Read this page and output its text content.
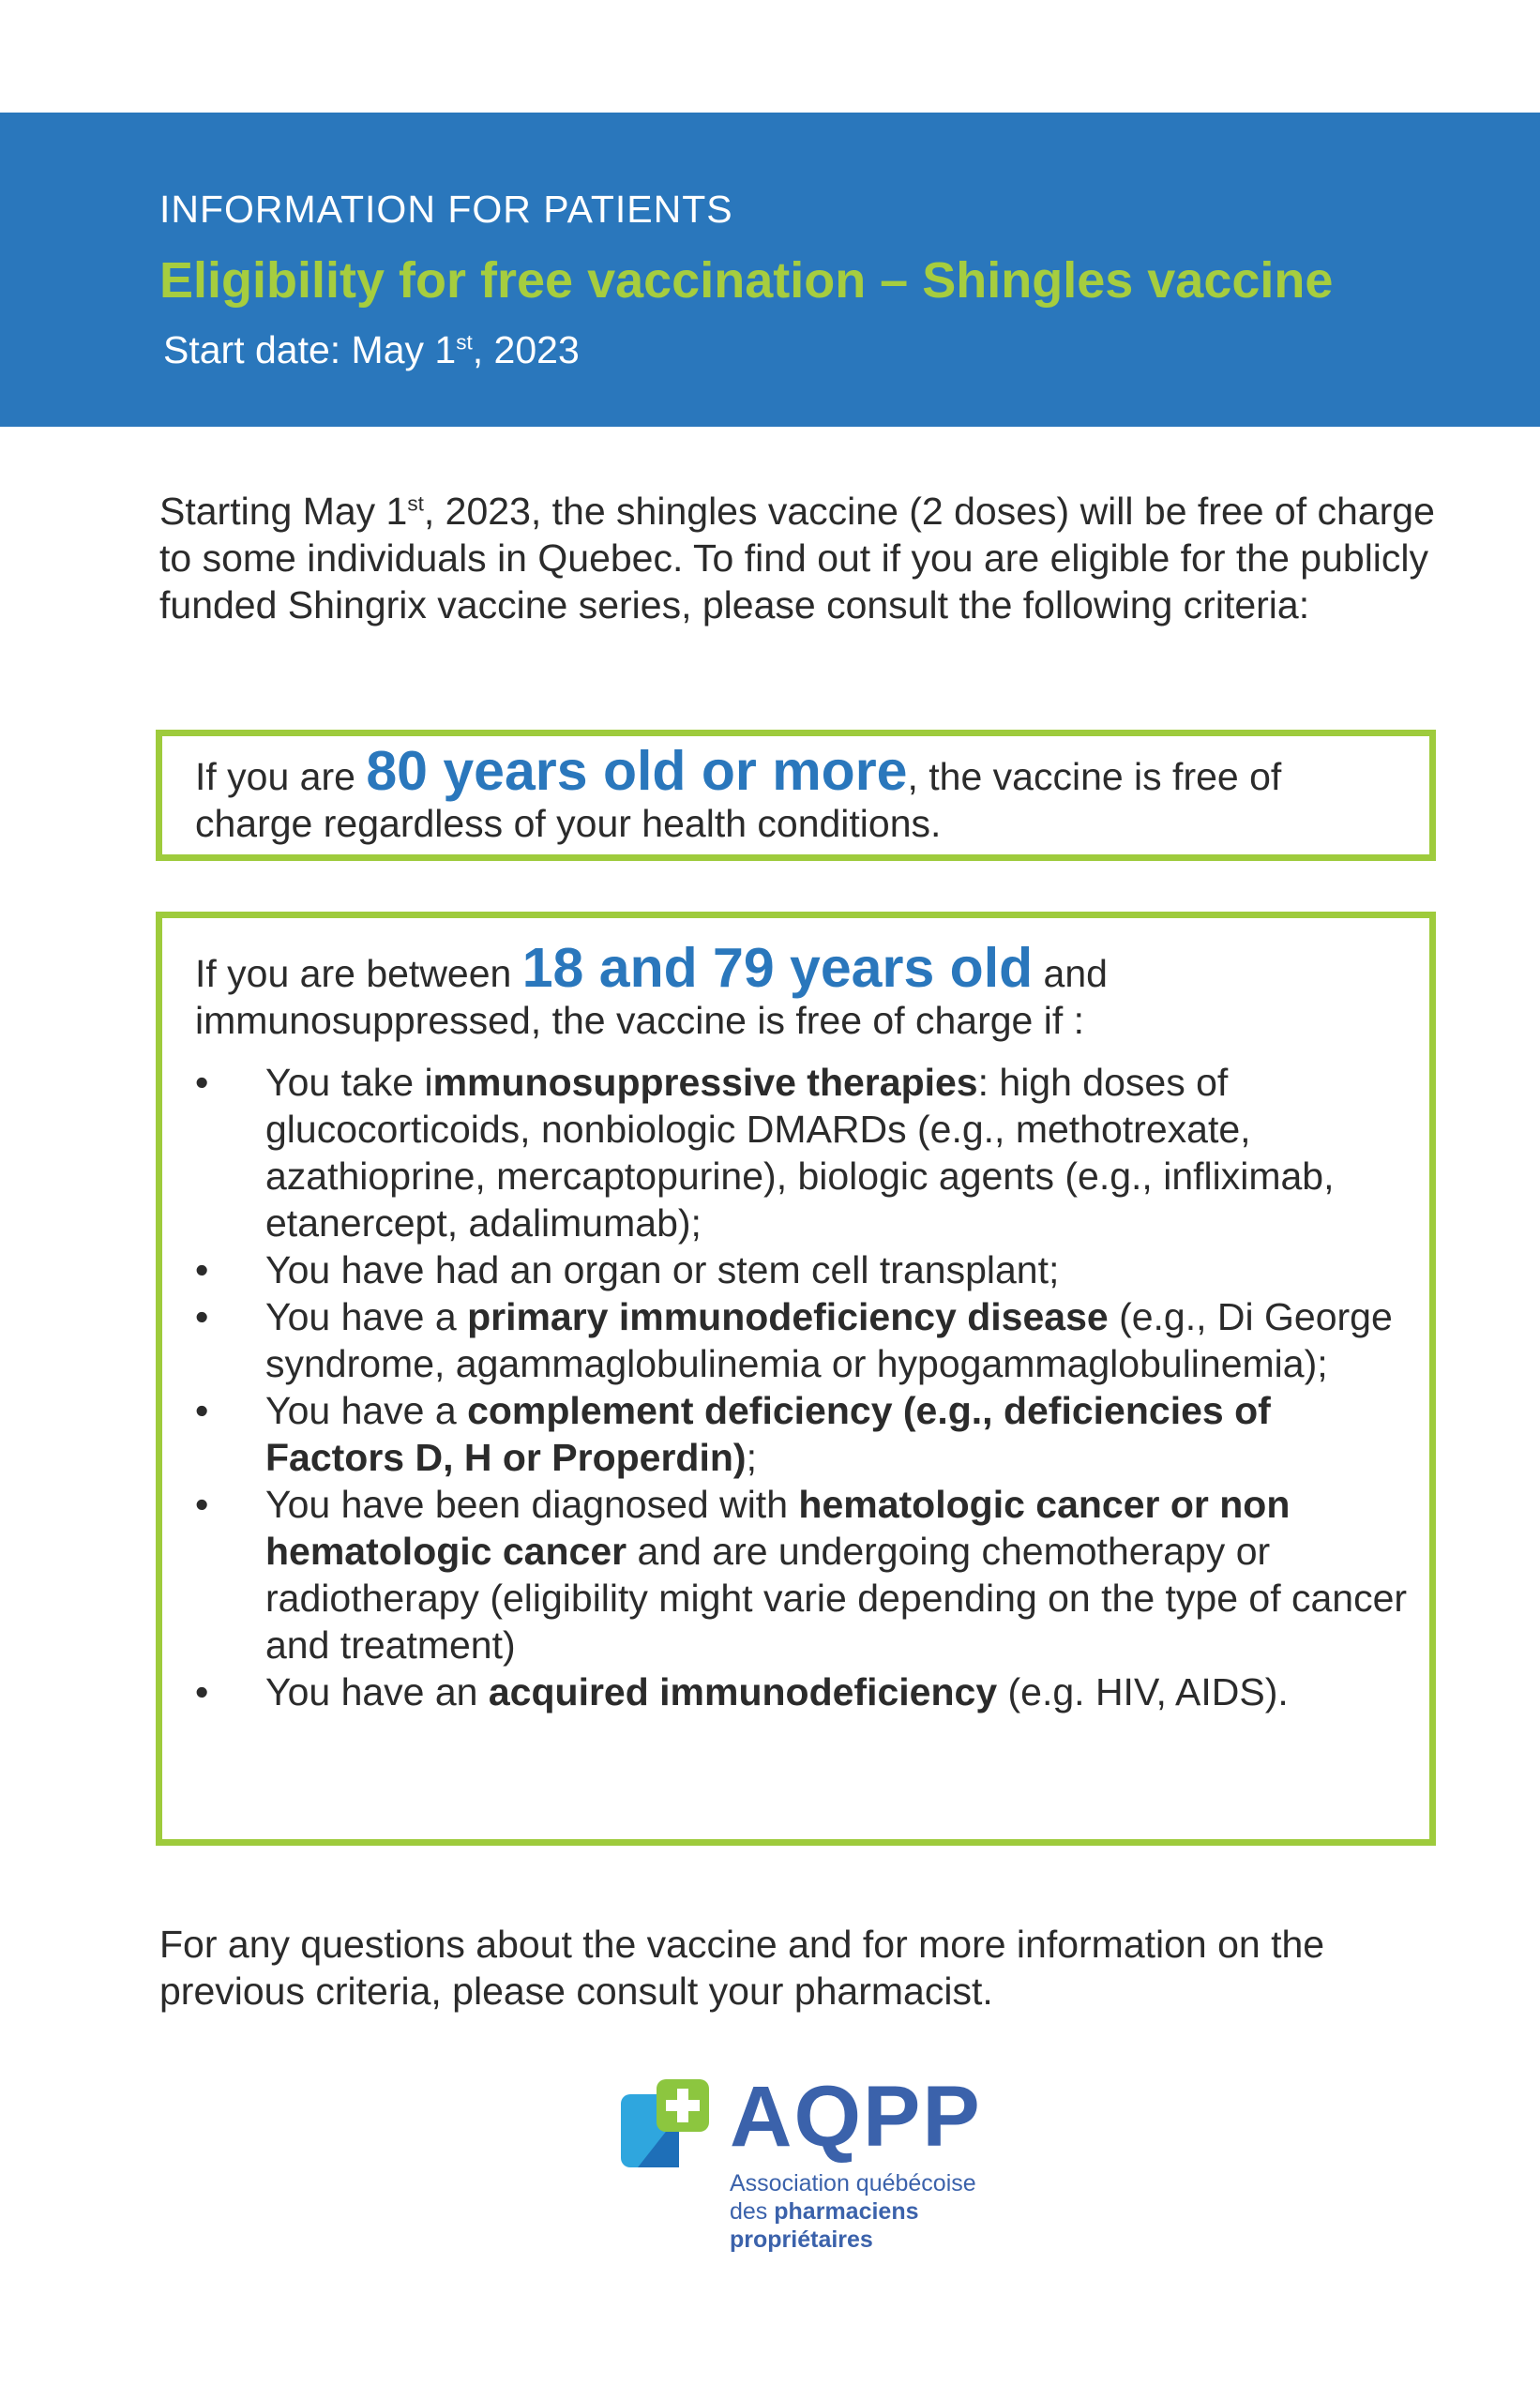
INFORMATION FOR PATIENTS
Eligibility for free vaccination – Shingles vaccine
Start date: May 1st, 2023
Starting May 1st, 2023, the shingles vaccine (2 doses) will be free of charge to some individuals in Quebec. To find out if you are eligible for the publicly funded Shingrix vaccine series, please consult the following criteria:
If you are 80 years old or more, the vaccine is free of charge regardless of your health conditions.
If you are between 18 and 79 years old and immunosuppressed, the vaccine is free of charge if :
•	You take immunosuppressive therapies: high doses of glucocorticoids, nonbiologic DMARDs (e.g., methotrexate, azathioprine, mercaptopurine), biologic agents (e.g., infliximab, etanercept, adalimumab);
•	You have had an organ or stem cell transplant;
•	You have a primary immunodeficiency disease (e.g., Di George syndrome, agammaglobulinemia or hypogammaglobulinemia);
•	You have a complement deficiency (e.g., deficiencies of Factors D, H or Properdin);
•	You have been diagnosed with hematologic cancer or non hematologic cancer and are undergoing chemotherapy or radiotherapy (eligibility might varie depending on the type of cancer and treatment)
•	You have an acquired immunodeficiency (e.g. HIV, AIDS).
For any questions about the vaccine and for more information on the previous criteria, please consult your pharmacist.
AQPP
Association québécoise
des pharmaciens
propriétaires
